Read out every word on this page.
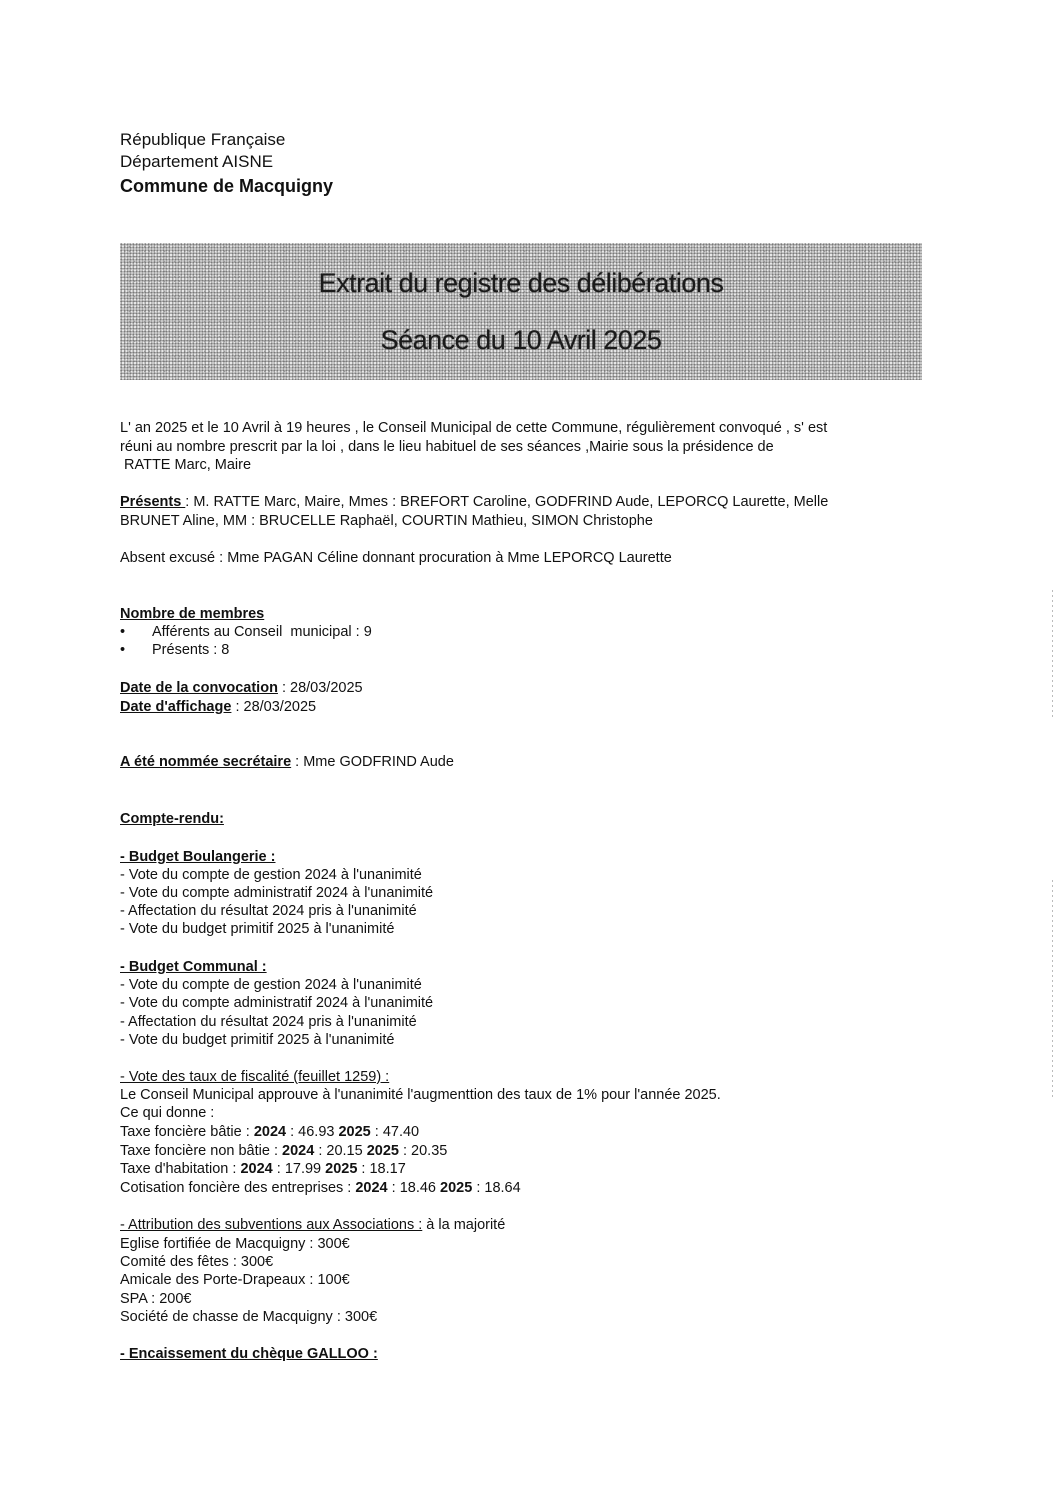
République Française
Département AISNE
Commune de Macquigny
Extrait du registre des délibérations
Séance du 10 Avril 2025
L' an 2025 et le 10 Avril à 19 heures , le Conseil Municipal de cette Commune, régulièrement convoqué , s' est
réuni au nombre prescrit par la loi , dans le lieu habituel de ses séances ,Mairie sous la présidence de
RATTE Marc, Maire
Présents : M. RATTE Marc, Maire, Mmes : BREFORT Caroline, GODFRIND Aude, LEPORCQ Laurette, Melle
BRUNET Aline, MM : BRUCELLE Raphaël, COURTIN Mathieu, SIMON Christophe
Absent excusé : Mme PAGAN Céline donnant procuration à Mme LEPORCQ Laurette
Nombre de membres
• Afférents au Conseil  municipal : 9
• Présents : 8
Date de la convocation : 28/03/2025
Date d'affichage : 28/03/2025
A été nommée secrétaire : Mme GODFRIND Aude
Compte-rendu:
- Budget Boulangerie :
- Vote du compte de gestion 2024 à l'unanimité
- Vote du compte administratif 2024 à l'unanimité
- Affectation du résultat 2024 pris à l'unanimité
- Vote du budget primitif 2025 à l'unanimité
- Budget Communal :
- Vote du compte de gestion 2024 à l'unanimité
- Vote du compte administratif 2024 à l'unanimité
- Affectation du résultat 2024 pris à l'unanimité
- Vote du budget primitif 2025 à l'unanimité
- Vote des taux de fiscalité (feuillet 1259) :
Le Conseil Municipal approuve à l'unanimité l'augmenttion des taux de 1% pour l'année 2025.
Ce qui donne :
Taxe foncière bâtie : 2024 : 46.93 2025 : 47.40
Taxe foncière non bâtie : 2024 : 20.15 2025 : 20.35
Taxe d'habitation : 2024 : 17.99 2025 : 18.17
Cotisation foncière des entreprises : 2024 : 18.46 2025 : 18.64
- Attribution des subventions aux Associations : à la majorité
Eglise fortifiée de Macquigny : 300€
Comité des fêtes : 300€
Amicale des Porte-Drapeaux : 100€
SPA : 200€
Société de chasse de Macquigny : 300€
- Encaissement du chèque GALLOO :
